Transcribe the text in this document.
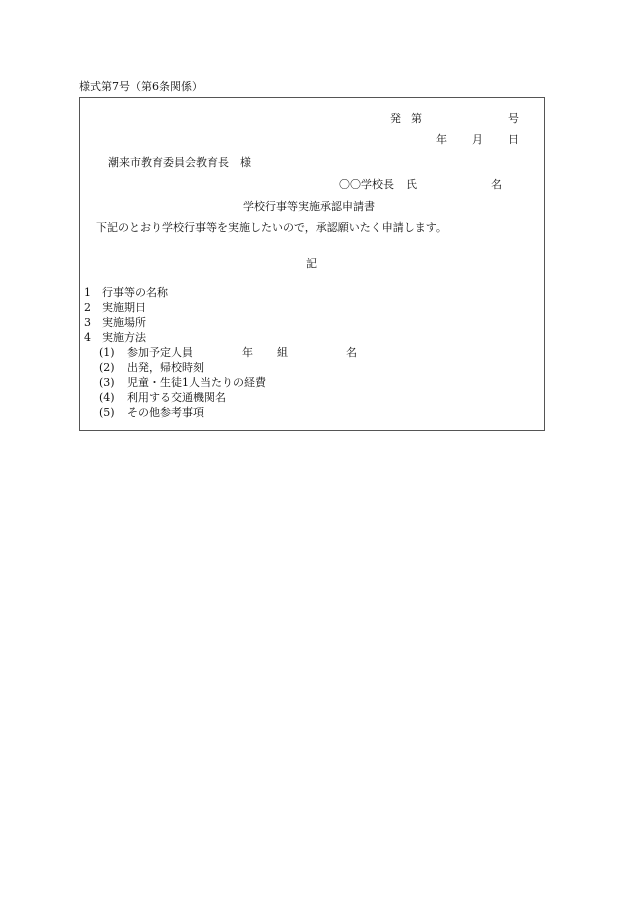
様式第7号（第6条関係）
発 第	号
年 月 日
潮来市教育委員会教育長　様
〇〇学校長 氏	名
学校行事等実施承認申請書
下記のとおり学校行事等を実施したいので，承認願いたく申請します。
記
1 行事等の名称
2 実施期日
3 実施場所
4 実施方法
(1) 参加予定人員	年 組	名
(2) 出発，帰校時刻
(3) 児童・生徒1人当たりの経費
(4) 利用する交通機関名
(5) その他参考事項
